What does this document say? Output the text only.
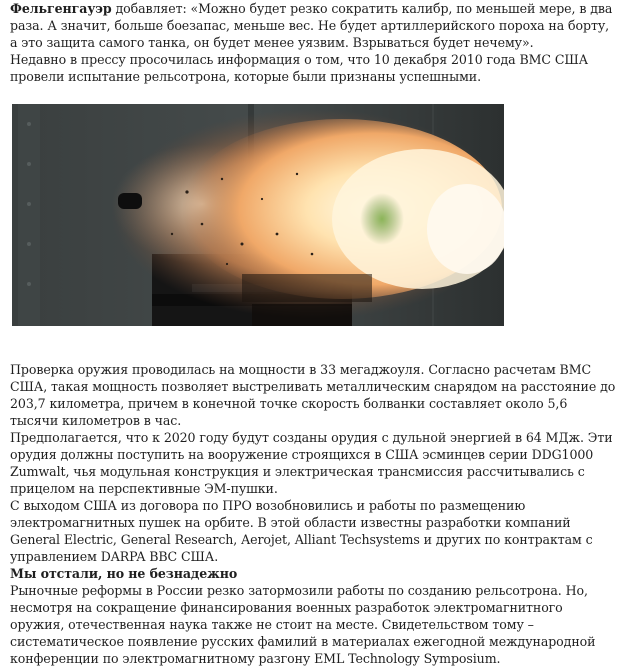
Фельгенгауэр добавляет: «Можно будет резко сократить калибр, по меньшей мере, в два раза. А значит, больше боезапас, меньше вес. Не будет артиллерийского пороха на борту, а это защита самого танка, он будет менее уязвим. Взрываться будет нечему».

Недавно в прессу просочилась информация о том, что 10 декабря 2010 года ВМС США провели испытание рельсотрона, которые были признаны успешными.

Проверка оружия проводилась на мощности в 33 мегаджоуля. Согласно расчетам ВМС США, такая мощность позволяет выстреливать металлическим снарядом на расстояние до 203,7 километра, причем в конечной точке скорость болванки составляет около 5,6 тысячи километров в час.

Предполагается, что к 2020 году будут созданы орудия с дульной энергией в 64 МДж. Эти орудия должны поступить на вооружение строящихся в США эсминцев серии DDG1000 Zumwalt, чья модульная конструкция и электрическая трансмиссия рассчитывались с прицелом на перспективные ЭМ-пушки.

С выходом США из договора по ПРО возобновились и работы по размещению электромагнитных пушек на орбите. В этой области известны разработки компаний General Electric, General Research, Aerojet, Alliant Techsystems и других по контрактам с управлением DARPA ВВС США.

Мы отстали, но не безнадежно

Рыночные реформы в России резко затормозили работы по созданию рельсотрона. Но, несмотря на сокращение финансирования военных разработок электромагнитного оружия, отечественная наука также не стоит на месте. Свидетельством тому – систематическое появление русских фамилий в материалах ежегодной международной конференции по электромагнитному разгону EML Technology Symposium.
